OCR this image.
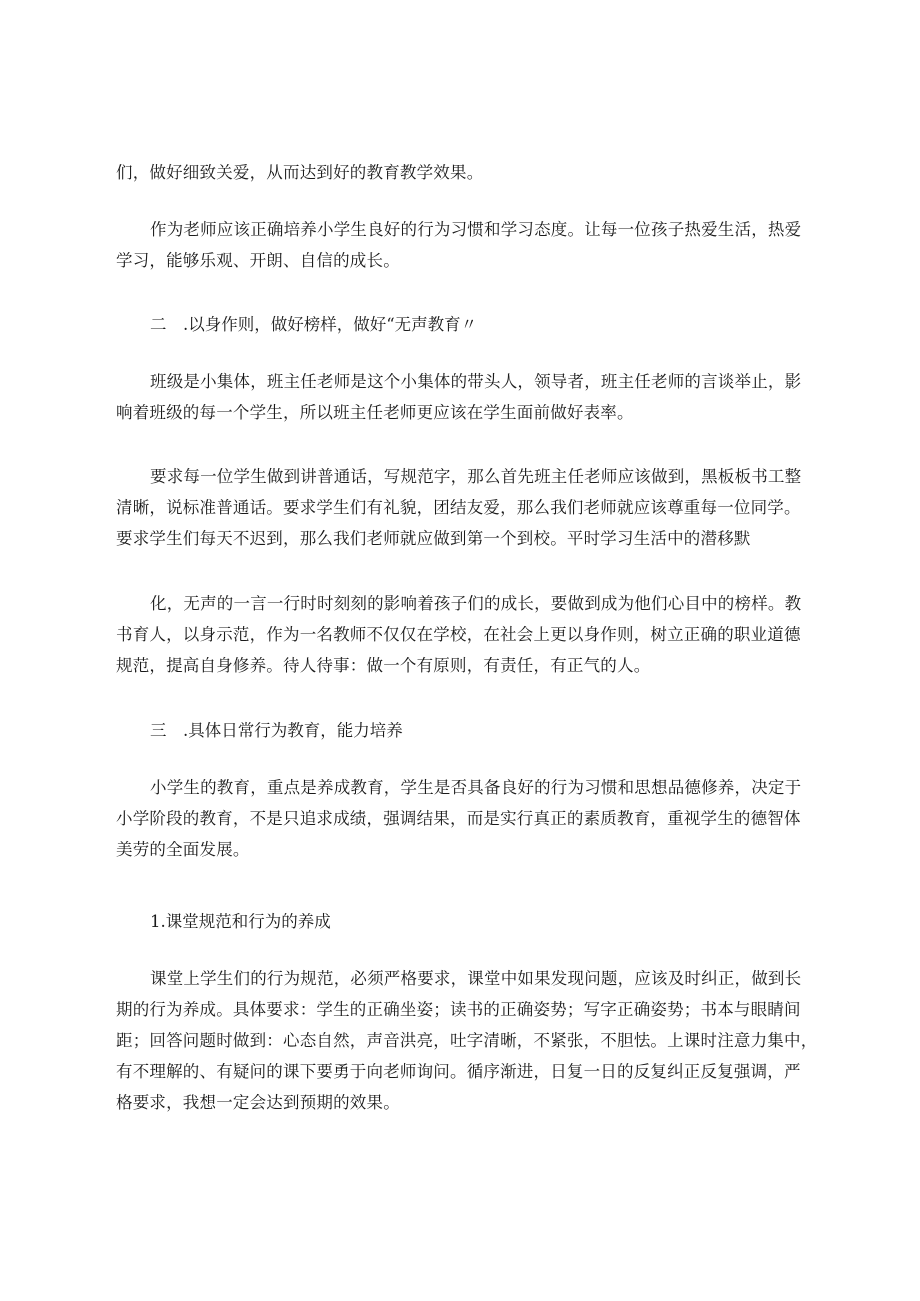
们，做好细致关爱，从而达到好的教育教学效果。
作为老师应该正确培养小学生良好的行为习惯和学习态度。让每一位孩子热爱生活，热爱
学习，能够乐观、开朗、自信的成长。
二　.以身作则，做好榜样，做好“无声教育〃
班级是小集体，班主任老师是这个小集体的带头人，领导者，班主任老师的言谈举止，影
响着班级的每一个学生，所以班主任老师更应该在学生面前做好表率。
要求每一位学生做到讲普通话，写规范字，那么首先班主任老师应该做到，黑板板书工整
清晰，说标准普通话。要求学生们有礼貌，团结友爱，那么我们老师就应该尊重每一位同学。
要求学生们每天不迟到，那么我们老师就应做到第一个到校。平时学习生活中的潜移默
化，无声的一言一行时时刻刻的影响着孩子们的成长，要做到成为他们心目中的榜样。教
书育人，以身示范，作为一名教师不仅仅在学校，在社会上更以身作则，树立正确的职业道德
规范，提高自身修养。待人待事：做一个有原则，有责任，有正气的人。
三　.具体日常行为教育，能力培养
小学生的教育，重点是养成教育，学生是否具备良好的行为习惯和思想品德修养，决定于
小学阶段的教育，不是只追求成绩，强调结果，而是实行真正的素质教育，重视学生的德智体
美劳的全面发展。
1.课堂规范和行为的养成
课堂上学生们的行为规范，必须严格要求，课堂中如果发现问题，应该及时纠正，做到长
期的行为养成。具体要求：学生的正确坐姿；读书的正确姿势；写字正确姿势；书本与眼睛间
距；回答问题时做到：心态自然，声音洪亮，吐字清晰，不紧张，不胆怯。上课时注意力集中，
有不理解的、有疑问的课下要勇于向老师询问。循序渐进，日复一日的反复纠正反复强调，严
格要求，我想一定会达到预期的效果。
